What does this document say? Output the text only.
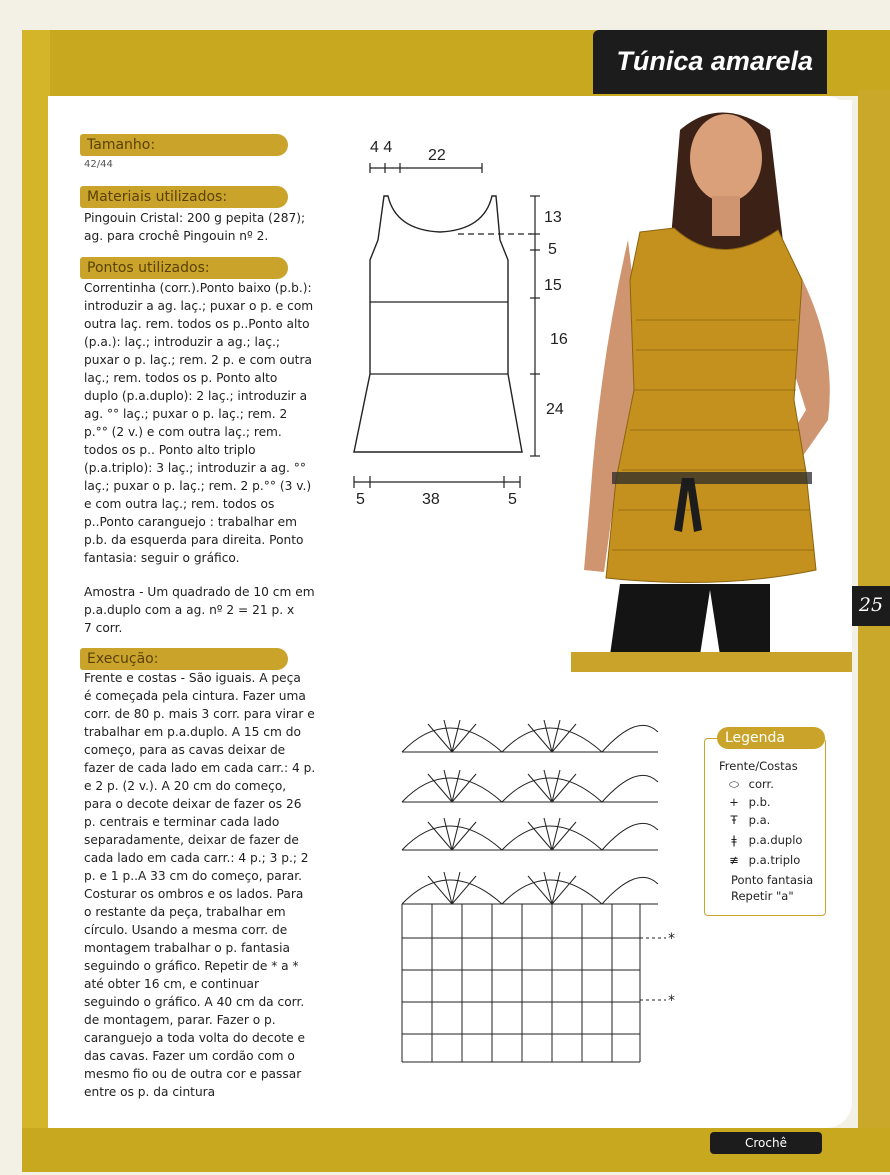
Túnica amarela
Tamanho:
42/44
Materiais utilizados:
Pingouin Cristal: 200 g pepita (287);
ag. para crochê Pingouin nº 2.
Pontos utilizados:
Correntinha (corr.).Ponto baixo (p.b.):
introduzir a ag. laç.; puxar o p. e com
outra laç. rem. todos os p..Ponto alto
(p.a.): laç.; introduzir a ag.; laç.;
puxar o p. laç.; rem. 2 p. e com outra
laç.; rem. todos os p. Ponto alto
duplo (p.a.duplo): 2 laç.; introduzir a
ag. °° laç.; puxar o p. laç.; rem. 2
p.°° (2 v.) e com outra laç.; rem.
todos os p.. Ponto alto triplo
(p.a.triplo): 3 laç.; introduzir a ag. °°
laç.; puxar o p. laç.; rem. 2 p.°° (3 v.)
e com outra laç.; rem. todos os
p..Ponto caranguejo : trabalhar em
p.b. da esquerda para direita. Ponto
fantasia: seguir o gráfico.
Amostra - Um quadrado de 10 cm em
p.a.duplo com a ag. nº 2 = 21 p. x
7 corr.
Execução:
Frente e costas - São iguais. A peça
é começada pela cintura. Fazer uma
corr. de 80 p. mais 3 corr. para virar e
trabalhar em p.a.duplo. A 15 cm do
começo, para as cavas deixar de
fazer de cada lado em cada carr.: 4 p.
e 2 p. (2 v.). A 20 cm do começo,
para o decote deixar de fazer os 26
p. centrais e terminar cada lado
separadamente, deixar de fazer de
cada lado em cada carr.: 4 p.; 3 p.; 2
p. e 1 p..A 33 cm do começo, parar.
Costurar os ombros e os lados. Para
o restante da peça, trabalhar em
círculo. Usando a mesma corr. de
montagem trabalhar o p. fantasia
seguindo o gráfico. Repetir de * a *
até obter 16 cm, e continuar
seguindo o gráfico. A 40 cm da corr.
de montagem, parar. Fazer o p.
caranguejo a toda volta do decote e
das cavas. Fazer um cordão com o
mesmo fio ou de outra cor e passar
entre os p. da cintura
4 4 22
13
5
15
16
24
5	38	5
25
*
*
Legenda
Frente/Costas
⬭ corr.
+ p.b.
Ŧ p.a.
ǂ p.a.duplo
≢ p.a.triplo
Ponto fantasia
Repetir "a"
Crochê
